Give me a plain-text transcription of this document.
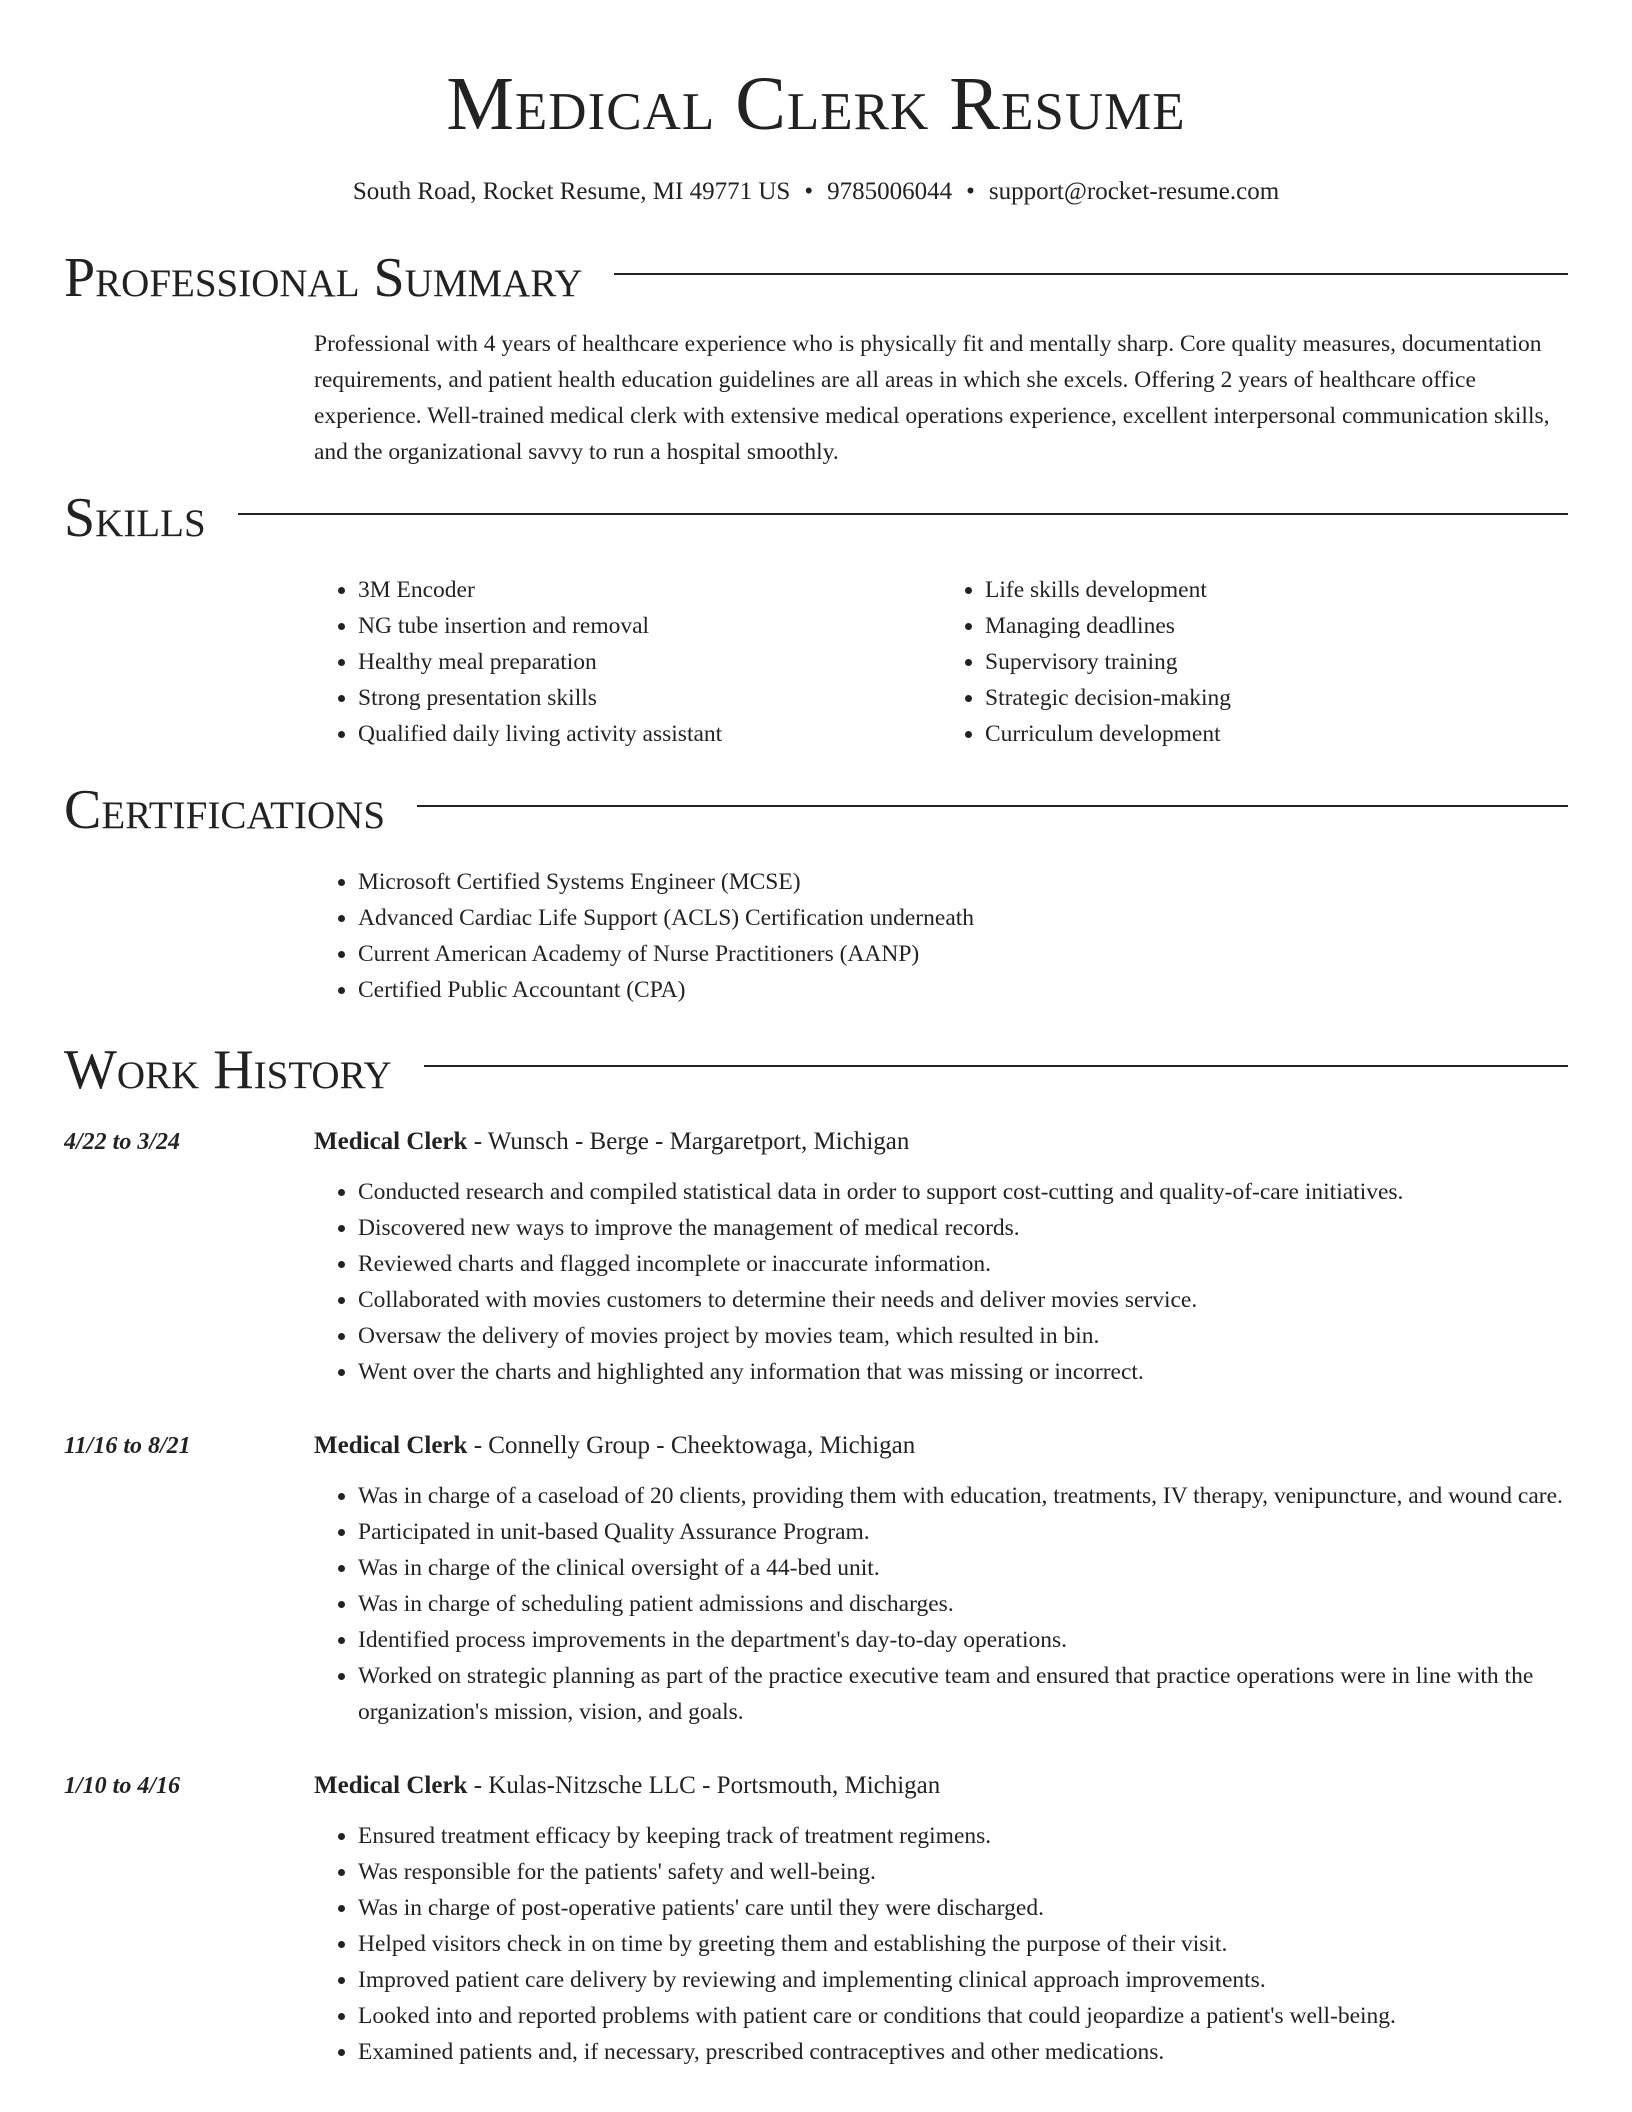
Medical Clerk Resume
South Road, Rocket Resume, MI 49771 US • 9785006044 • support@rocket-resume.com
Professional Summary

Professional with 4 years of healthcare experience who is physically fit and mentally sharp. Core quality measures, documentation requirements, and patient health education guidelines are all areas in which she excels. Offering 2 years of healthcare office experience. Well-trained medical clerk with extensive medical operations experience, excellent interpersonal communication skills, and the organizational savvy to run a hospital smoothly.

Skills
• 3M Encoder
• NG tube insertion and removal
• Healthy meal preparation
• Strong presentation skills
• Qualified daily living activity assistant
• Life skills development
• Managing deadlines
• Supervisory training
• Strategic decision-making
• Curriculum development
Certifications
• Microsoft Certified Systems Engineer (MCSE)
• Advanced Cardiac Life Support (ACLS) Certification underneath
• Current American Academy of Nurse Practitioners (AANP)
• Certified Public Accountant (CPA)
Work History
4/22 to 3/24	Medical Clerk - Wunsch - Berge - Margaretport, Michigan
• Conducted research and compiled statistical data in order to support cost-cutting and quality-of-care initiatives.
• Discovered new ways to improve the management of medical records.
• Reviewed charts and flagged incomplete or inaccurate information.
• Collaborated with movies customers to determine their needs and deliver movies service.
• Oversaw the delivery of movies project by movies team, which resulted in bin.
• Went over the charts and highlighted any information that was missing or incorrect.
11/16 to 8/21	Medical Clerk - Connelly Group - Cheektowaga, Michigan
• Was in charge of a caseload of 20 clients, providing them with education, treatments, IV therapy, venipuncture, and wound care.
• Participated in unit-based Quality Assurance Program.
• Was in charge of the clinical oversight of a 44-bed unit.
• Was in charge of scheduling patient admissions and discharges.
• Identified process improvements in the department's day-to-day operations.
• Worked on strategic planning as part of the practice executive team and ensured that practice operations were in line with the organization's mission, vision, and goals.
1/10 to 4/16	Medical Clerk - Kulas-Nitzsche LLC - Portsmouth, Michigan
• Ensured treatment efficacy by keeping track of treatment regimens.
• Was responsible for the patients' safety and well-being.
• Was in charge of post-operative patients' care until they were discharged.
• Helped visitors check in on time by greeting them and establishing the purpose of their visit.
• Improved patient care delivery by reviewing and implementing clinical approach improvements.
• Looked into and reported problems with patient care or conditions that could jeopardize a patient's well-being.
• Examined patients and, if necessary, prescribed contraceptives and other medications.
